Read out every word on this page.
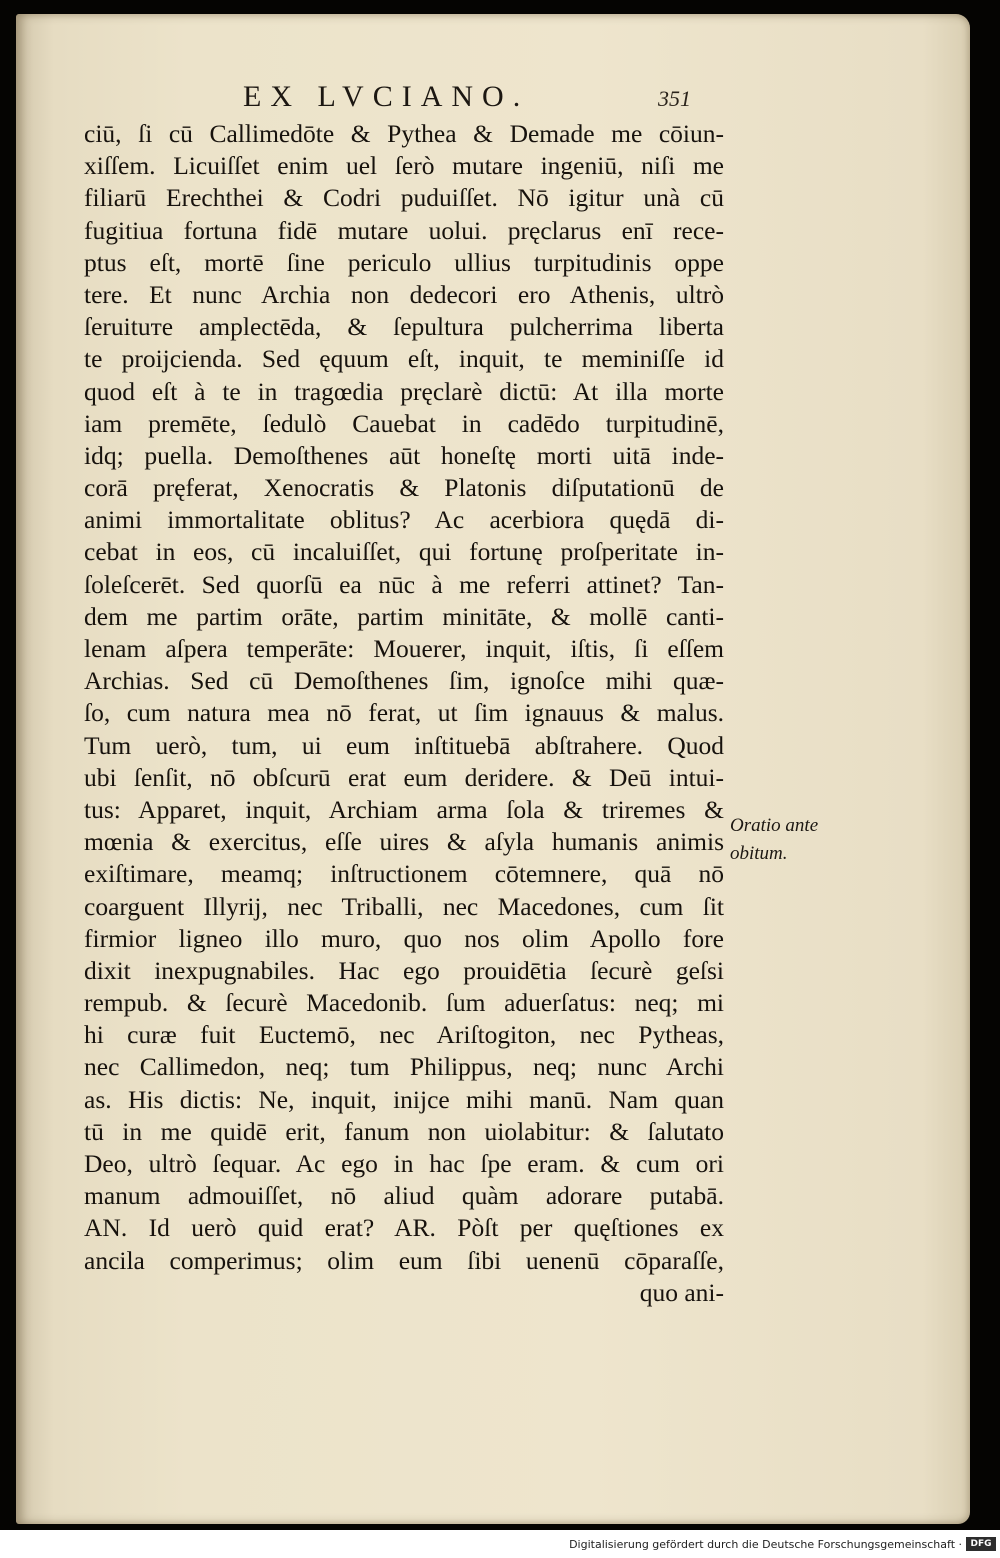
EX LVCIANO.	351
ciū, ſi cū Callimedōte & Pythea & Demade me cōiun-
xiſſem. Licuiſſet enim uel ſerò mutare ingeniū, niſi me
filiarū Erechthei & Codri puduiſſet. Nō igitur unà cū
fugitiua fortuna fidē mutare uolui. pręclarus enī rece-
ptus eſt, mortē ſine periculo ullius turpitudinis oppe
tere. Et nunc Archia non dedecori ero Athenis, ultrò
ſeruituтe amplectēda, & ſepultura pulcherrima liberta
te proijcienda. Sed ęquum eſt, inquit, te meminiſſe id
quod eſt à te in tragœdia pręclarè dictū: At illa morte
iam premēte, ſedulò Cauebat in cadēdo turpitudinē,
idq; puella. Demoſthenes aūt honeſtę morti uitā inde-
corā pręferat, Xenocratis & Platonis diſputationū de
animi immortalitate oblitus? Ac acerbiora quędā di-
cebat in eos, cū incaluiſſet, qui fortunę proſperitate in-
ſoleſcerēt. Sed quorſū ea nūc à me referri attinet? Tan-
dem me partim orāte, partim minitāte, & mollē canti-
lenam aſpera temperāte: Mouerer, inquit, iſtis, ſi eſſem
Archias. Sed cū Demoſthenes ſim, ignoſce mihi quæ-
ſo, cum natura mea nō ferat, ut ſim ignauus & malus.
Tum uerò, tum, ui eum inſtituebā abſtrahere. Quod
ubi ſenſit, nō obſcurū erat eum deridere. & Deū intui-
tus: Apparet, inquit, Archiam arma ſola & triremes &
mœnia & exercitus, eſſe uires & aſyla humanis animis
exiſtimare, meamq; inſtructionem cōtemnere, quā nō
coarguent Illyrij, nec Triballi, nec Macedones, cum ſit
firmior ligneo illo muro, quo nos olim Apollo fore
dixit inexpugnabiles. Hac ego prouidētia ſecurè geſsi
rempub. & ſecurè Macedonib. ſum aduerſatus: neq; mi
hi curæ fuit Euctemō, nec Ariſtogiton, nec Pytheas,
nec Callimedon, neq; tum Philippus, neq; nunc Archi
as. His dictis: Ne, inquit, inijce mihi manū. Nam quan
tū in me quidē erit, fanum non uiolabitur: & ſalutato
Deo, ultrò ſequar. Ac ego in hac ſpe eram. & cum ori
manum admouiſſet, nō aliud quàm adorare putabā.
AN. Id uerò quid erat? AR. Pòſt per quęſtiones ex
ancila comperimus; olim eum ſibi uenenū cōparaſſe,
quo ani-
Oratio ante
obitum.
Digitalisierung gefördert durch die Deutsche Forschungsgemeinschaft · DFG
